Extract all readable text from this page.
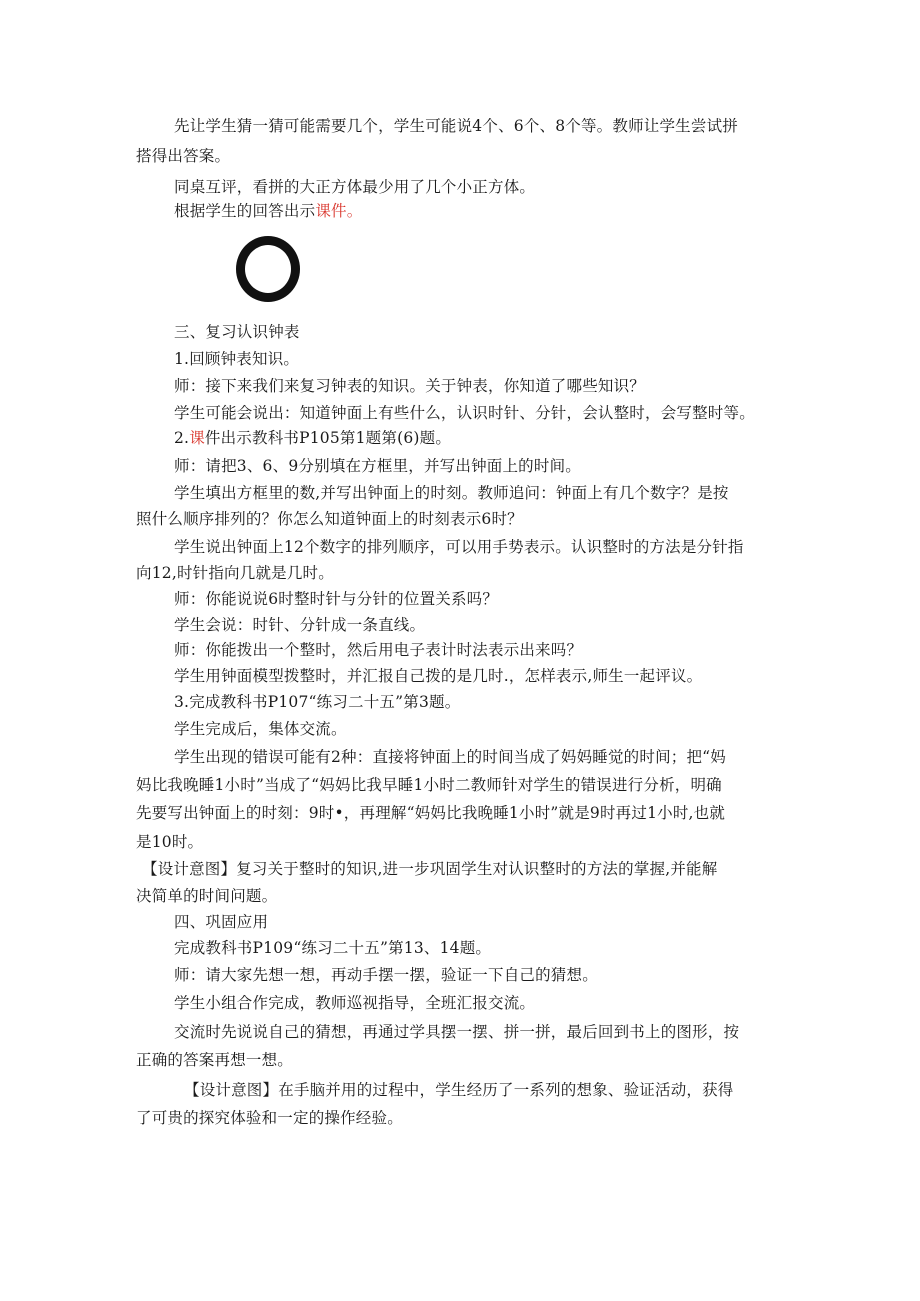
先让学生猜一猜可能需要几个，学生可能说4个、6个、8个等。教师让学生尝试拼
搭得出答案。
同桌互评，看拼的大正方体最少用了几个小正方体。
根据学生的回答出示课件。
三、复习认识钟表
1.回顾钟表知识。
师：接下来我们来复习钟表的知识。关于钟表，你知道了哪些知识？
学生可能会说出：知道钟面上有些什么，认识时针、分针，会认整时，会写整时等。
2.课件出示教科书P105第1题第(6)题。
师：请把3、6、9分别填在方框里，并写出钟面上的时间。
学生填出方框里的数,并写出钟面上的时刻。教师追问：钟面上有几个数字？是按
照什么顺序排列的？你怎么知道钟面上的时刻表示6时？
学生说出钟面上12个数字的排列顺序，可以用手势表示。认识整时的方法是分针指
向12,时针指向几就是几时。
师：你能说说6时整时针与分针的位置关系吗？
学生会说：时针、分针成一条直线。
师：你能拨出一个整时，然后用电子表计时法表示出来吗？
学生用钟面模型拨整时，并汇报自己拨的是几时.，怎样表示,师生一起评议。
3.完成教科书P107“练习二十五”第3题。
学生完成后，集体交流。
学生出现的错误可能有2种：直接将钟面上的时间当成了妈妈睡觉的时间；把“妈
妈比我晚睡1小时”当成了“妈妈比我早睡1小时二教师针对学生的错误进行分析，明确
先要写出钟面上的时刻：9时•，再理解“妈妈比我晚睡1小时”就是9时再过1小时,也就
是10时。
【设计意图】复习关于整时的知识,进一步巩固学生对认识整时的方法的掌握,并能解
决简单的时间问题。
四、巩固应用
完成教科书P109“练习二十五”第13、14题。
师：请大家先想一想，再动手摆一摆，验证一下自己的猜想。
学生小组合作完成，教师巡视指导，全班汇报交流。
交流时先说说自己的猜想，再通过学具摆一摆、拼一拼，最后回到书上的图形，按
正确的答案再想一想。
【设计意图】在手脑并用的过程中，学生经历了一系列的想象、验证活动，获得
了可贵的探究体验和一定的操作经验。
